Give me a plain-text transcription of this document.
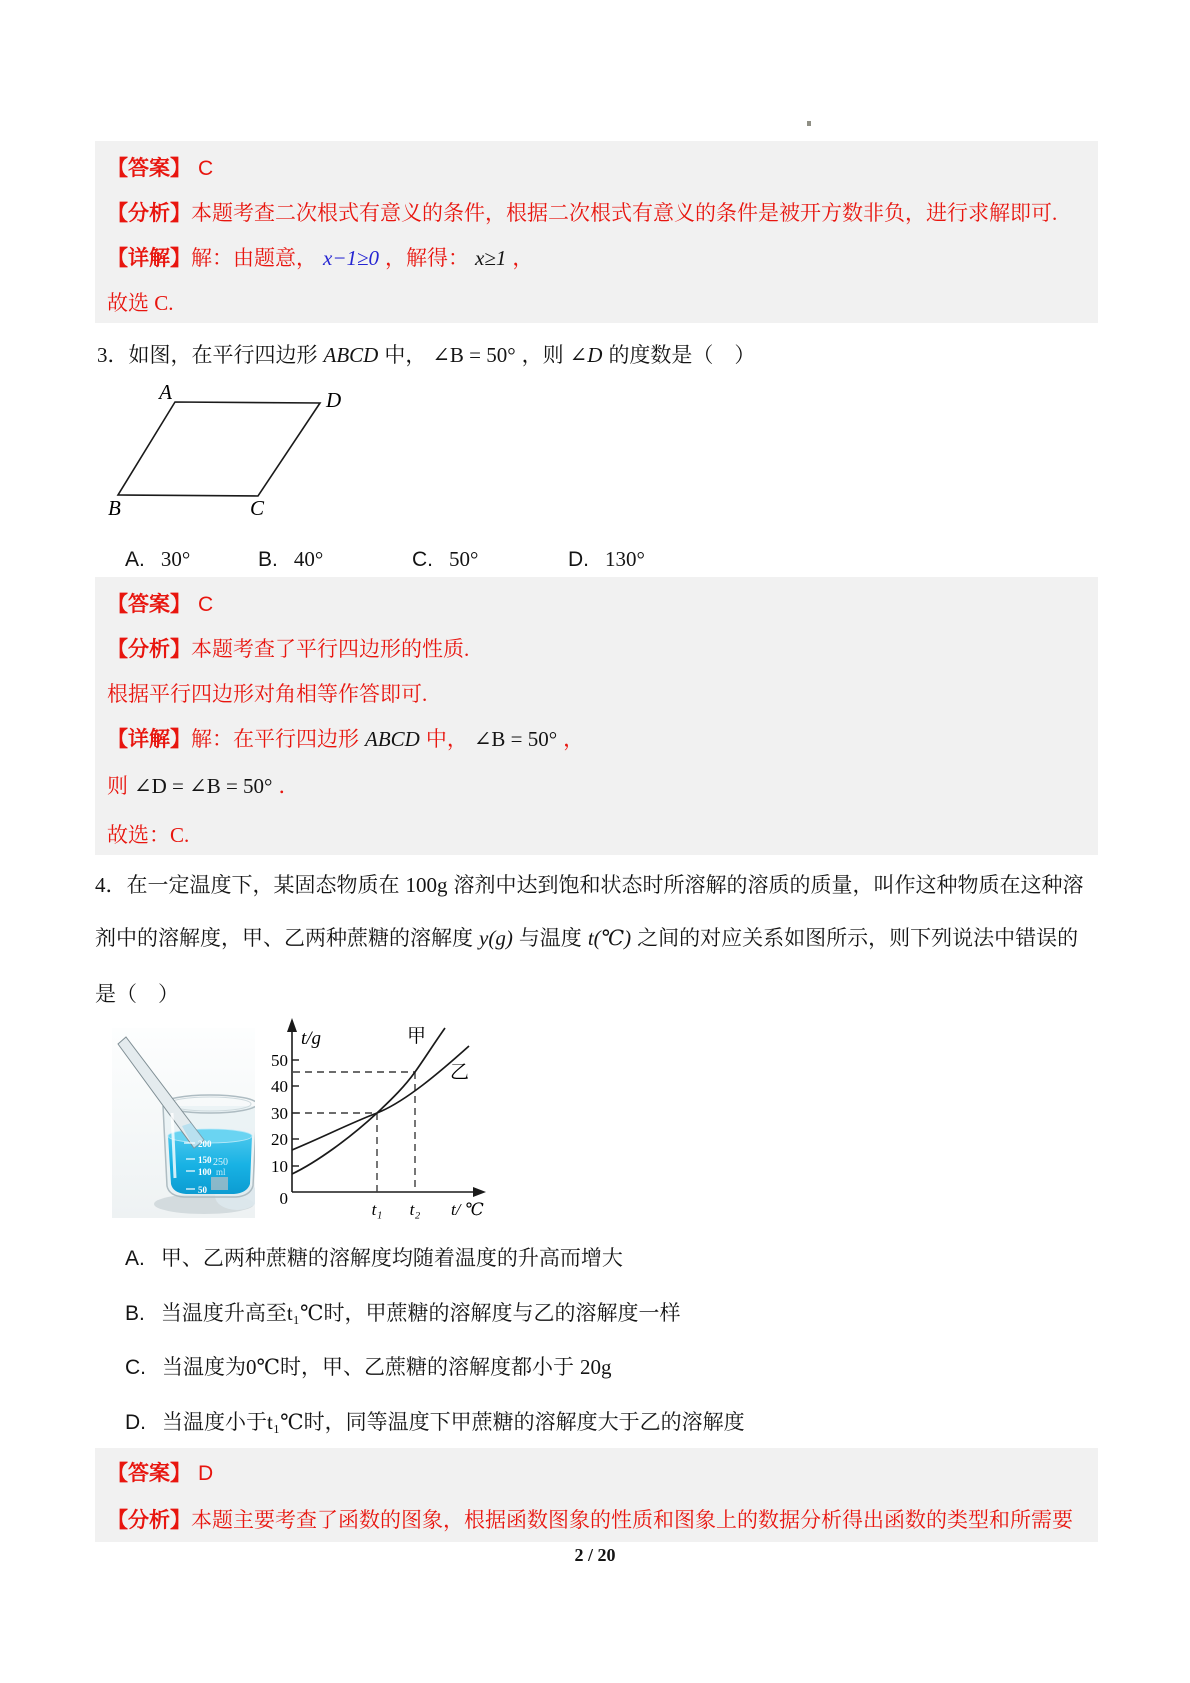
【答案】 C
【分析】本题考查二次根式有意义的条件，根据二次根式有意义的条件是被开方数非负，进行求解即可.
【详解】解：由题意， x−1≥0 ，解得： x≥1 ，
故选 C.
3．如图，在平行四边形 ABCD 中， ∠B = 50° ，则 ∠D 的度数是（　）
A	D
B	C
A. 30°	B. 40°	C. 50°	D. 130°
【答案】 C
【分析】本题考查了平行四边形的性质.
根据平行四边形对角相等作答即可.
【详解】解：在平行四边形 ABCD 中， ∠B = 50° ，
则 ∠D = ∠B = 50° ．
故选：C.
4．在一定温度下，某固态物质在 100g 溶剂中达到饱和状态时所溶解的溶质的质量，叫作这种物质在这种溶
剂中的溶解度，甲、乙两种蔗糖的溶解度 y(g) 与温度 t(℃) 之间的对应关系如图所示，则下列说法中错误的
是（　）
200
150
100
50
250
ml
t/g	甲
乙
50
40
30
20
10
0
t₁ t₂ t/ ℃
A. 甲、乙两种蔗糖的溶解度均随着温度的升高而增大
B. 当温度升高至t₁℃时，甲蔗糖的溶解度与乙的溶解度一样
C. 当温度为0℃时，甲、乙蔗糖的溶解度都小于 20g
D. 当温度小于t₁℃时，同等温度下甲蔗糖的溶解度大于乙的溶解度
【答案】 D
【分析】本题主要考查了函数的图象，根据函数图象的性质和图象上的数据分析得出函数的类型和所需要
2 / 20
